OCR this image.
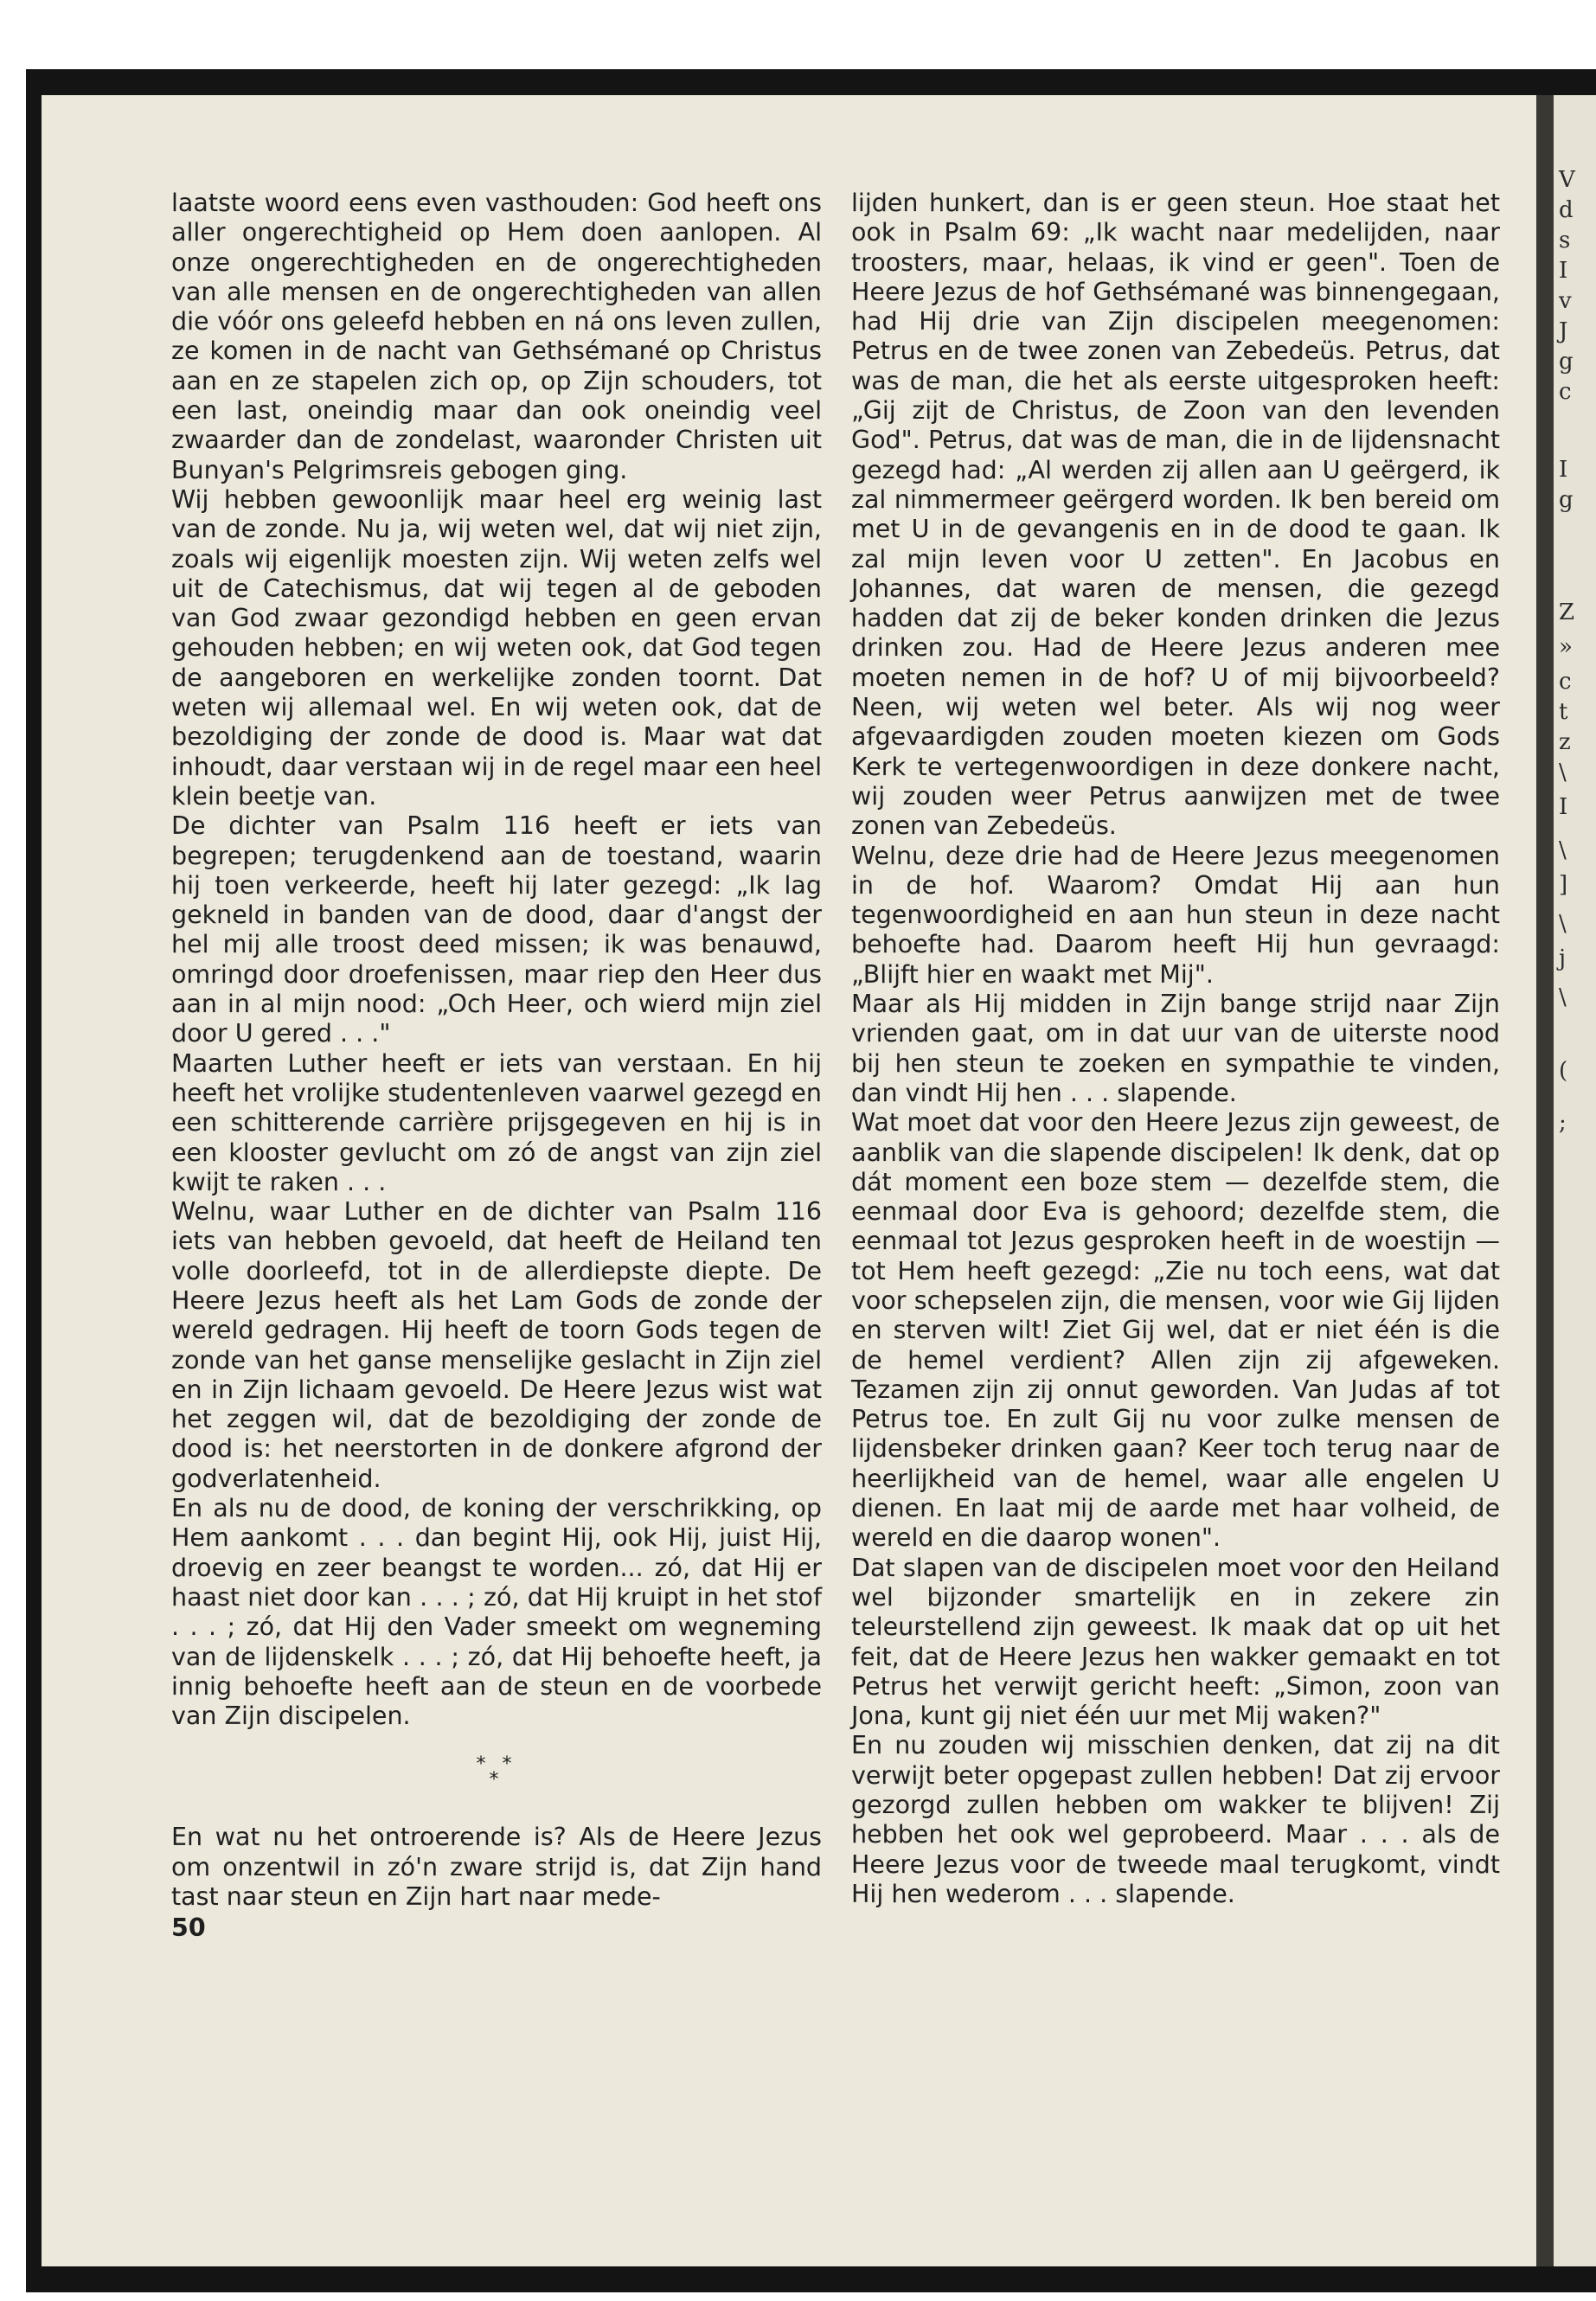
V
d
s
I
v
J
g
c
I
g
Z
»
c
t
z
\
I
\
]
\
j
\
(
;

laatste woord eens even vasthouden: God heeft ons aller ongerechtigheid op Hem doen aanlopen. Al onze ongerechtigheden en de ongerechtigheden van alle mensen en de ongerechtigheden van allen die vóór ons geleefd hebben en ná ons leven zullen, ze komen in de nacht van Gethsémané op Christus aan en ze stapelen zich op, op Zijn schouders, tot een last, oneindig maar dan ook oneindig veel zwaarder dan de zondelast, waaronder Christen uit Bunyan's Pelgrimsreis gebogen ging.

Wij hebben gewoonlijk maar heel erg weinig last van de zonde. Nu ja, wij weten wel, dat wij niet zijn, zoals wij eigenlijk moesten zijn. Wij weten zelfs wel uit de Catechismus, dat wij tegen al de geboden van God zwaar gezondigd hebben en geen ervan gehouden hebben; en wij weten ook, dat God tegen de aangeboren en werkelijke zonden toornt. Dat weten wij allemaal wel. En wij weten ook, dat de bezoldiging der zonde de dood is. Maar wat dat inhoudt, daar verstaan wij in de regel maar een heel klein beetje van.

De dichter van Psalm 116 heeft er iets van begrepen; terugdenkend aan de toestand, waarin hij toen verkeerde, heeft hij later gezegd: „Ik lag gekneld in banden van de dood, daar d'angst der hel mij alle troost deed missen; ik was benauwd, omringd door droefenissen, maar riep den Heer dus aan in al mijn nood: „Och Heer, och wierd mijn ziel door U gered . . ."

Maarten Luther heeft er iets van verstaan. En hij heeft het vrolijke studentenleven vaarwel gezegd en een schitterende carrière prijsgegeven en hij is in een klooster gevlucht om zó de angst van zijn ziel kwijt te raken . . .

Welnu, waar Luther en de dichter van Psalm 116 iets van hebben gevoeld, dat heeft de Heiland ten volle doorleefd, tot in de allerdiepste diepte. De Heere Jezus heeft als het Lam Gods de zonde der wereld gedragen. Hij heeft de toorn Gods tegen de zonde van het ganse menselijke geslacht in Zijn ziel en in Zijn lichaam gevoeld. De Heere Jezus wist wat het zeggen wil, dat de bezoldiging der zonde de dood is: het neerstorten in de donkere afgrond der godverlatenheid.

En als nu de dood, de koning der verschrikking, op Hem aankomt . . . dan begint Hij, ook Hij, juist Hij, droevig en zeer beangst te worden... zó, dat Hij er haast niet door kan . . . ; zó, dat Hij kruipt in het stof . . . ; zó, dat Hij den Vader smeekt om wegneming van de lijdenskelk . . . ; zó, dat Hij behoefte heeft, ja innig behoefte heeft aan de steun en de voorbede van Zijn discipelen.

* *
*

En wat nu het ontroerende is? Als de Heere Jezus om onzentwil in zó'n zware strijd is, dat Zijn hand tast naar steun en Zijn hart naar mede-

50

lijden hunkert, dan is er geen steun. Hoe staat het ook in Psalm 69: „Ik wacht naar medelijden, naar troosters, maar, helaas, ik vind er geen". Toen de Heere Jezus de hof Gethsémané was binnengegaan, had Hij drie van Zijn discipelen meegenomen: Petrus en de twee zonen van Zebedeüs. Petrus, dat was de man, die het als eerste uitgesproken heeft: „Gij zijt de Christus, de Zoon van den levenden God". Petrus, dat was de man, die in de lijdensnacht gezegd had: „Al werden zij allen aan U geërgerd, ik zal nimmermeer geërgerd worden. Ik ben bereid om met U in de gevangenis en in de dood te gaan. Ik zal mijn leven voor U zetten". En Jacobus en Johannes, dat waren de mensen, die gezegd hadden dat zij de beker konden drinken die Jezus drinken zou. Had de Heere Jezus anderen mee moeten nemen in de hof? U of mij bijvoorbeeld? Neen, wij weten wel beter. Als wij nog weer afgevaardigden zouden moeten kiezen om Gods Kerk te vertegenwoordigen in deze donkere nacht, wij zouden weer Petrus aanwijzen met de twee zonen van Zebedeüs.

Welnu, deze drie had de Heere Jezus meegenomen in de hof. Waarom? Omdat Hij aan hun tegenwoordigheid en aan hun steun in deze nacht behoefte had. Daarom heeft Hij hun gevraagd: „Blijft hier en waakt met Mij".

Maar als Hij midden in Zijn bange strijd naar Zijn vrienden gaat, om in dat uur van de uiterste nood bij hen steun te zoeken en sympathie te vinden, dan vindt Hij hen . . . slapende.

Wat moet dat voor den Heere Jezus zijn geweest, de aanblik van die slapende discipelen! Ik denk, dat op dát moment een boze stem — dezelfde stem, die eenmaal door Eva is gehoord; dezelfde stem, die eenmaal tot Jezus gesproken heeft in de woestijn — tot Hem heeft gezegd: „Zie nu toch eens, wat dat voor schepselen zijn, die mensen, voor wie Gij lijden en sterven wilt! Ziet Gij wel, dat er niet één is die de hemel verdient? Allen zijn zij afgeweken. Tezamen zijn zij onnut geworden. Van Judas af tot Petrus toe. En zult Gij nu voor zulke mensen de lijdensbeker drinken gaan? Keer toch terug naar de heerlijkheid van de hemel, waar alle engelen U dienen. En laat mij de aarde met haar volheid, de wereld en die daarop wonen".

Dat slapen van de discipelen moet voor den Heiland wel bijzonder smartelijk en in zekere zin teleurstellend zijn geweest. Ik maak dat op uit het feit, dat de Heere Jezus hen wakker gemaakt en tot Petrus het verwijt gericht heeft: „Simon, zoon van Jona, kunt gij niet één uur met Mij waken?"

En nu zouden wij misschien denken, dat zij na dit verwijt beter opgepast zullen hebben! Dat zij ervoor gezorgd zullen hebben om wakker te blijven! Zij hebben het ook wel geprobeerd. Maar . . . als de Heere Jezus voor de tweede maal terugkomt, vindt Hij hen wederom . . . slapende.
